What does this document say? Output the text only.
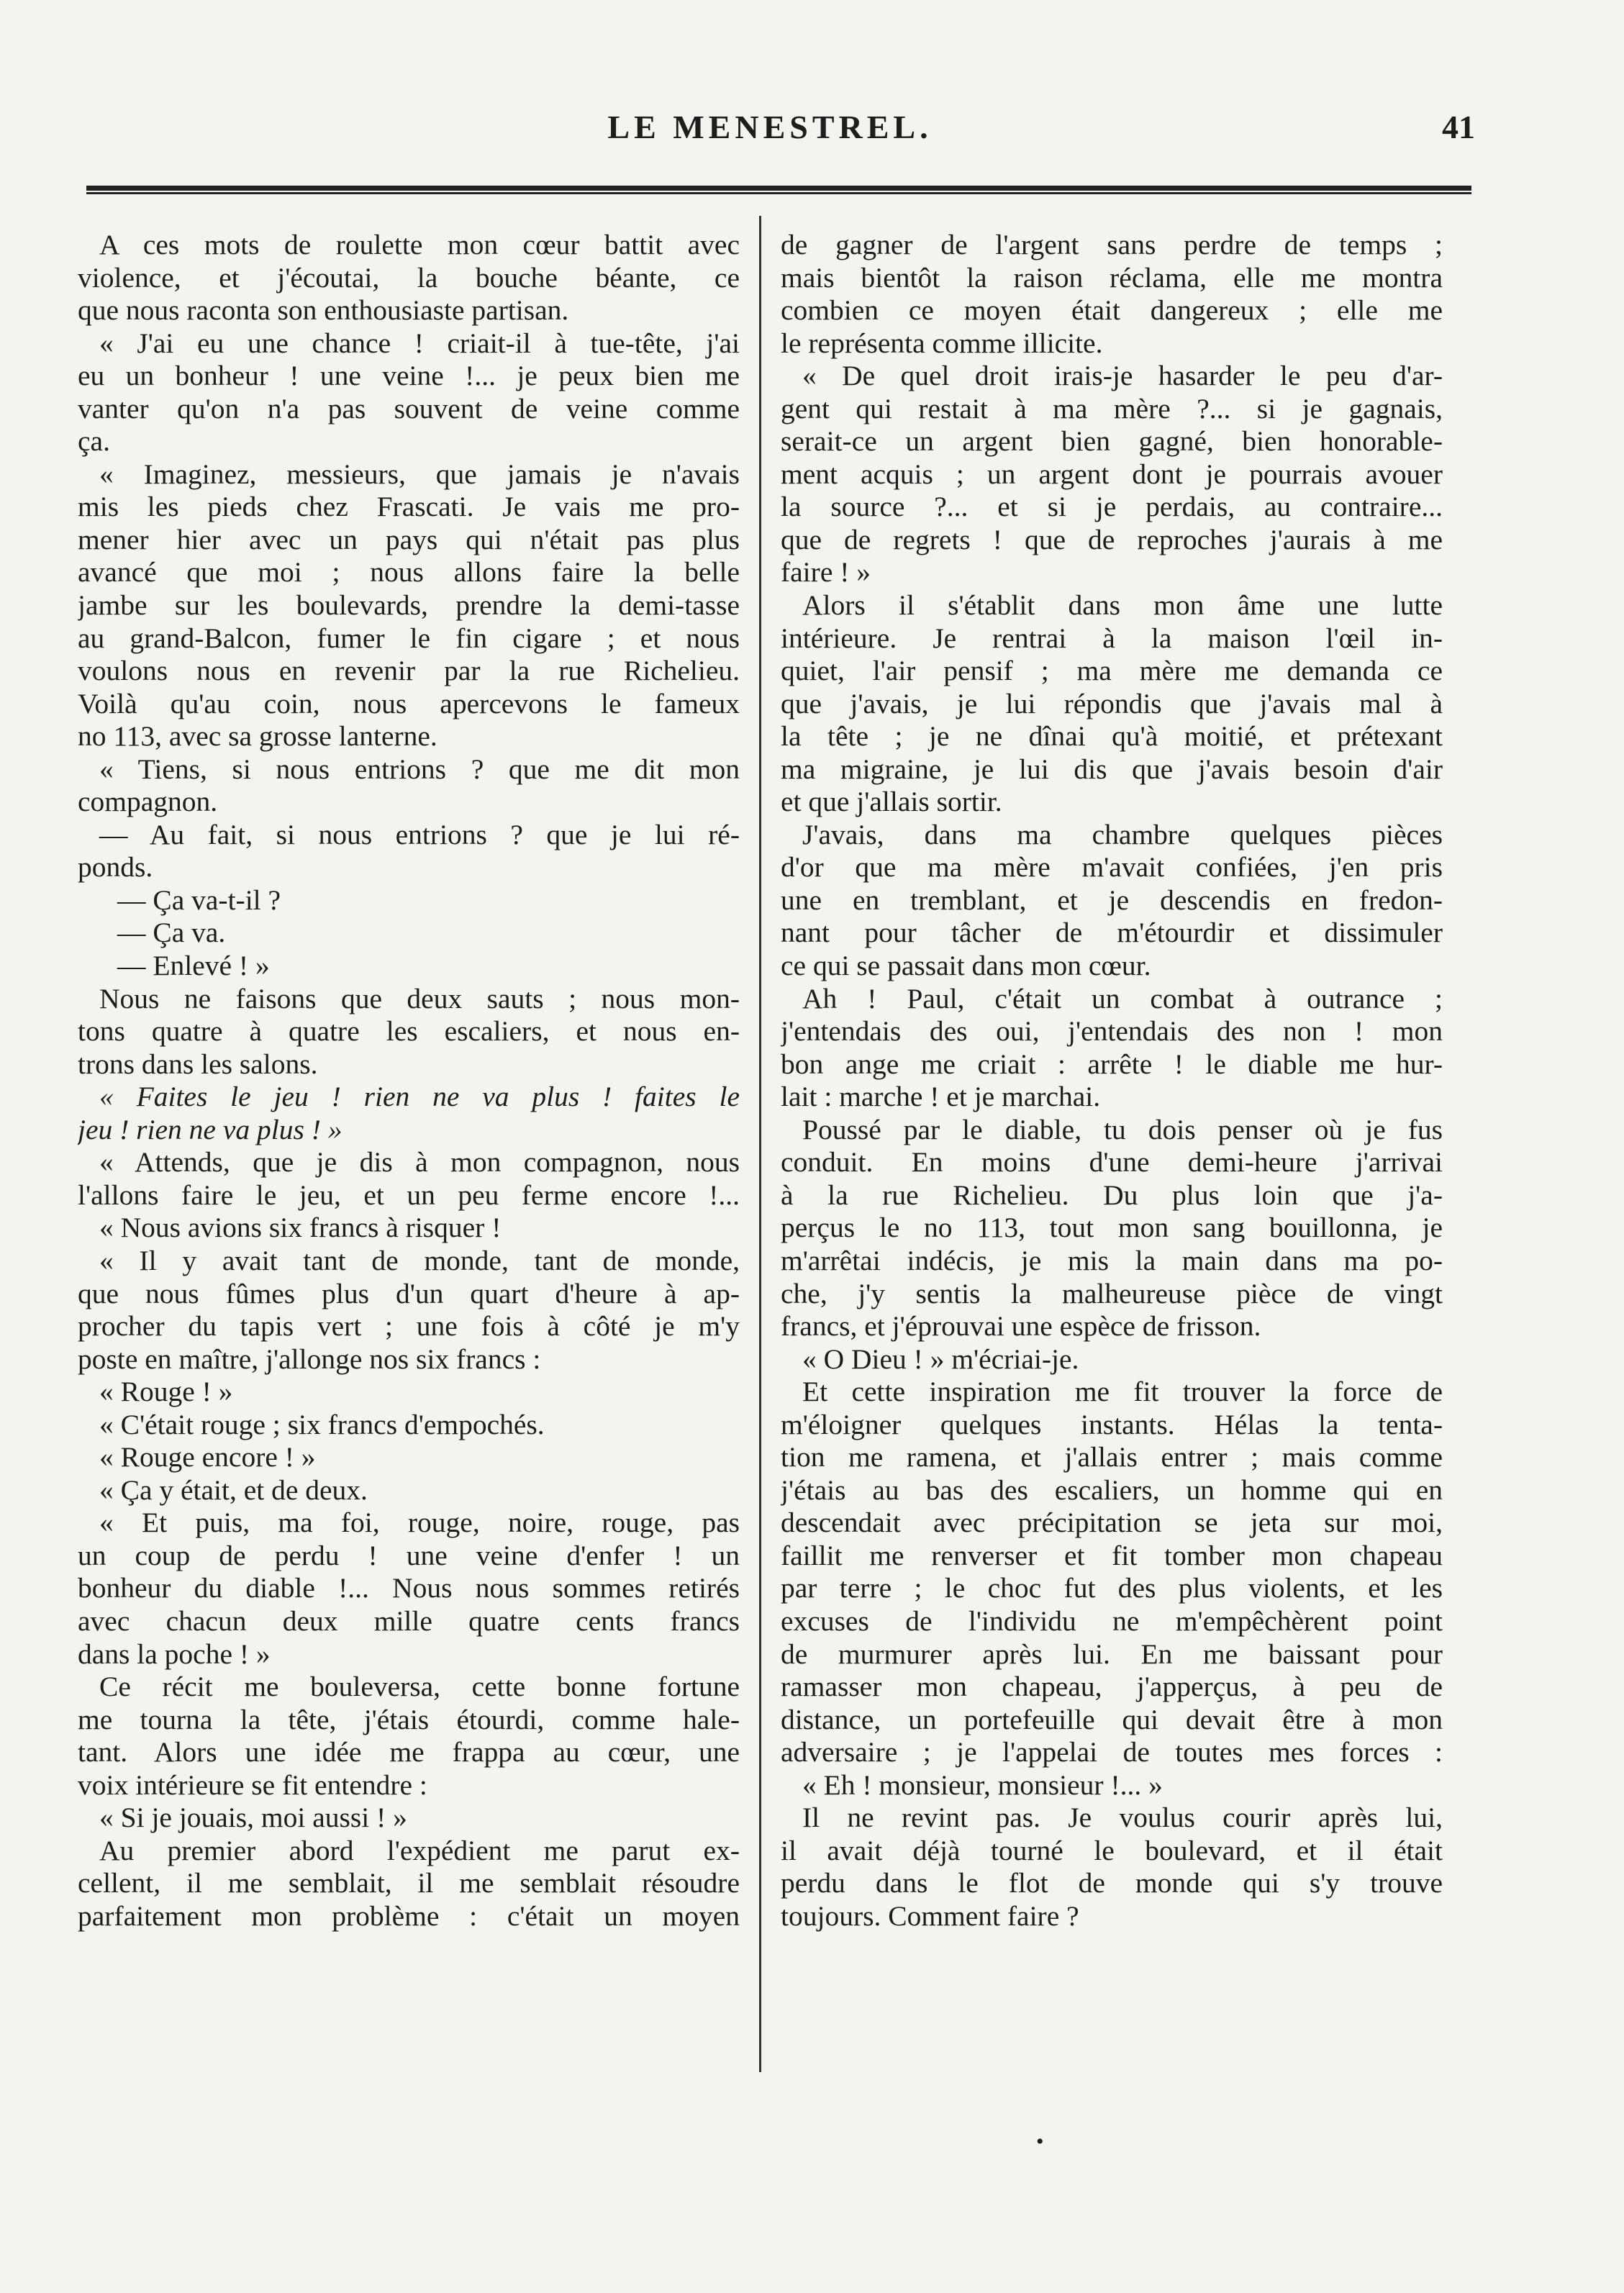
LE MENESTREL.	41
A ces mots de roulette mon cœur battit avec
violence, et j'écoutai, la bouche béante, ce
que nous raconta son enthousiaste partisan.
« J'ai eu une chance ! criait-il à tue-tête, j'ai
eu un bonheur ! une veine !... je peux bien me
vanter qu'on n'a pas souvent de veine comme
ça.
« Imaginez, messieurs, que jamais je n'avais
mis les pieds chez Frascati. Je vais me pro-
mener hier avec un pays qui n'était pas plus
avancé que moi ; nous allons faire la belle
jambe sur les boulevards, prendre la demi-tasse
au grand-Balcon, fumer le fin cigare ; et nous
voulons nous en revenir par la rue Richelieu.
Voilà qu'au coin, nous apercevons le fameux
no 113, avec sa grosse lanterne.
« Tiens, si nous entrions ? que me dit mon
compagnon.
— Au fait, si nous entrions ? que je lui ré-
ponds.
— Ça va-t-il ?
— Ça va.
— Enlevé ! »
Nous ne faisons que deux sauts ; nous mon-
tons quatre à quatre les escaliers, et nous en-
trons dans les salons.
« Faites le jeu ! rien ne va plus ! faites le
jeu ! rien ne va plus ! »
« Attends, que je dis à mon compagnon, nous
l'allons faire le jeu, et un peu ferme encore !...
« Nous avions six francs à risquer !
« Il y avait tant de monde, tant de monde,
que nous fûmes plus d'un quart d'heure à ap-
procher du tapis vert ; une fois à côté je m'y
poste en maître, j'allonge nos six francs :
« Rouge ! »
« C'était rouge ; six francs d'empochés.
« Rouge encore ! »
« Ça y était, et de deux.
« Et puis, ma foi, rouge, noire, rouge, pas
un coup de perdu ! une veine d'enfer ! un
bonheur du diable !... Nous nous sommes retirés
avec chacun deux mille quatre cents francs
dans la poche ! »
Ce récit me bouleversa, cette bonne fortune
me tourna la tête, j'étais étourdi, comme hale-
tant. Alors une idée me frappa au cœur, une
voix intérieure se fit entendre :
« Si je jouais, moi aussi ! »
Au premier abord l'expédient me parut ex-
cellent, il me semblait, il me semblait résoudre
parfaitement mon problème : c'était un moyen
de gagner de l'argent sans perdre de temps ;
mais bientôt la raison réclama, elle me montra
combien ce moyen était dangereux ; elle me
le représenta comme illicite.
« De quel droit irais-je hasarder le peu d'ar-
gent qui restait à ma mère ?... si je gagnais,
serait-ce un argent bien gagné, bien honorable-
ment acquis ; un argent dont je pourrais avouer
la source ?... et si je perdais, au contraire...
que de regrets ! que de reproches j'aurais à me
faire ! »
Alors il s'établit dans mon âme une lutte
intérieure. Je rentrai à la maison l'œil in-
quiet, l'air pensif ; ma mère me demanda ce
que j'avais, je lui répondis que j'avais mal à
la tête ; je ne dînai qu'à moitié, et prétexant
ma migraine, je lui dis que j'avais besoin d'air
et que j'allais sortir.
J'avais, dans ma chambre quelques pièces
d'or que ma mère m'avait confiées, j'en pris
une en tremblant, et je descendis en fredon-
nant pour tâcher de m'étourdir et dissimuler
ce qui se passait dans mon cœur.
Ah ! Paul, c'était un combat à outrance ;
j'entendais des oui, j'entendais des non ! mon
bon ange me criait : arrête ! le diable me hur-
lait : marche ! et je marchai.
Poussé par le diable, tu dois penser où je fus
conduit. En moins d'une demi-heure j'arrivai
à la rue Richelieu. Du plus loin que j'a-
perçus le no 113, tout mon sang bouillonna, je
m'arrêtai indécis, je mis la main dans ma po-
che, j'y sentis la malheureuse pièce de vingt
francs, et j'éprouvai une espèce de frisson.
« O Dieu ! » m'écriai-je.
Et cette inspiration me fit trouver la force de
m'éloigner quelques instants. Hélas la tenta-
tion me ramena, et j'allais entrer ; mais comme
j'étais au bas des escaliers, un homme qui en
descendait avec précipitation se jeta sur moi,
faillit me renverser et fit tomber mon chapeau
par terre ; le choc fut des plus violents, et les
excuses de l'individu ne m'empêchèrent point
de murmurer après lui. En me baissant pour
ramasser mon chapeau, j'apperçus, à peu de
distance, un portefeuille qui devait être à mon
adversaire ; je l'appelai de toutes mes forces :
« Eh ! monsieur, monsieur !... »
Il ne revint pas. Je voulus courir après lui,
il avait déjà tourné le boulevard, et il était
perdu dans le flot de monde qui s'y trouve
toujours. Comment faire ?
•
